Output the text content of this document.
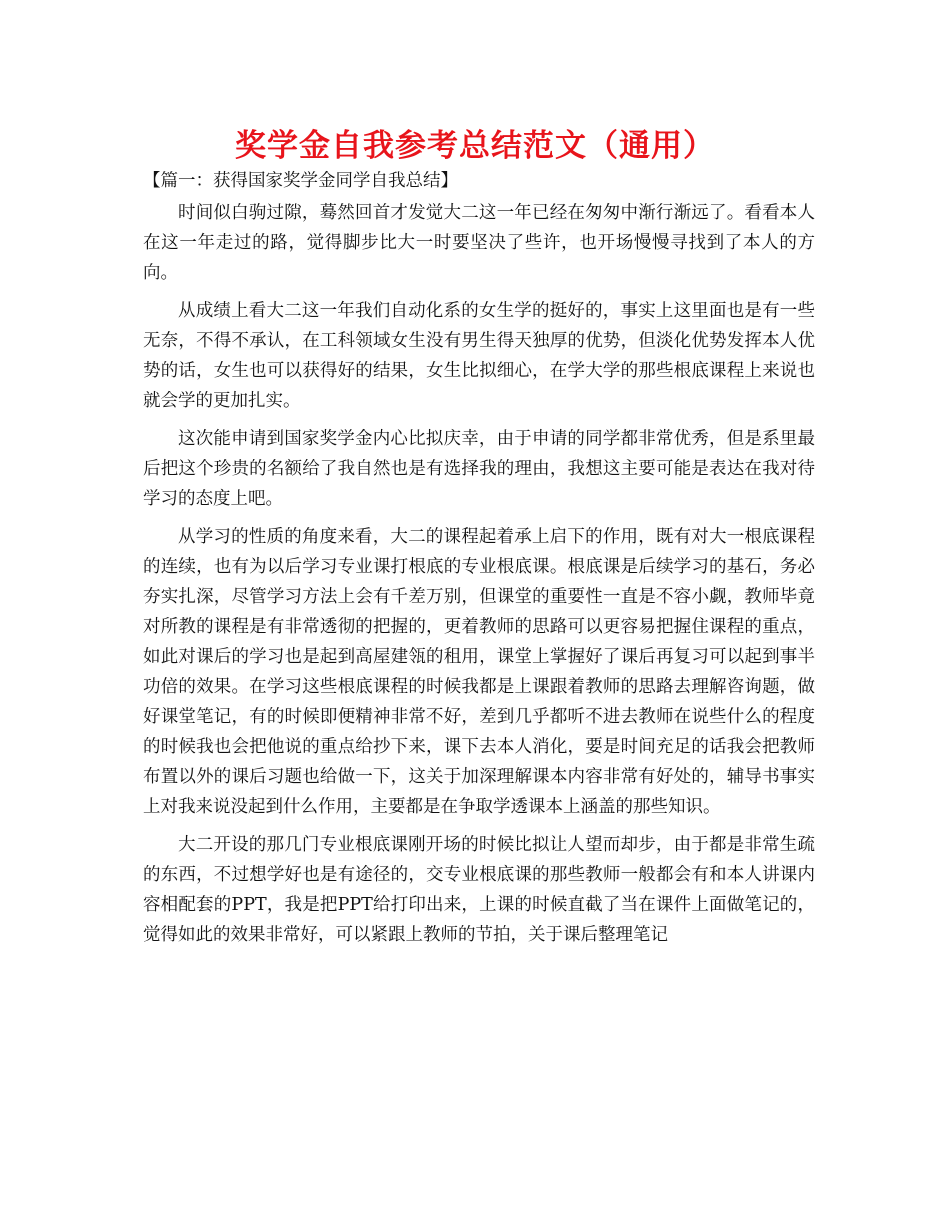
奖学金自我参考总结范文（通用）
【篇一：获得国家奖学金同学自我总结】

时间似白驹过隙，蓦然回首才发觉大二这一年已经在匆匆中渐行渐远了。看看本人在这一年走过的路，觉得脚步比大一时要坚决了些许，也开场慢慢寻找到了本人的方向。

从成绩上看大二这一年我们自动化系的女生学的挺好的，事实上这里面也是有一些无奈，不得不承认，在工科领域女生没有男生得天独厚的优势，但淡化优势发挥本人优势的话，女生也可以获得好的结果，女生比拟细心，在学大学的那些根底课程上来说也就会学的更加扎实。

这次能申请到国家奖学金内心比拟庆幸，由于申请的同学都非常优秀，但是系里最后把这个珍贵的名额给了我自然也是有选择我的理由，我想这主要可能是表达在我对待学习的态度上吧。

从学习的性质的角度来看，大二的课程起着承上启下的作用，既有对大一根底课程的连续，也有为以后学习专业课打根底的专业根底课。根底课是后续学习的基石，务必夯实扎深，尽管学习方法上会有千差万别，但课堂的重要性一直是不容小觑，教师毕竟对所教的课程是有非常透彻的把握的，更着教师的思路可以更容易把握住课程的重点，如此对课后的学习也是起到高屋建瓴的租用，课堂上掌握好了课后再复习可以起到事半功倍的效果。在学习这些根底课程的时候我都是上课跟着教师的思路去理解咨询题，做好课堂笔记，有的时候即便精神非常不好，差到几乎都听不进去教师在说些什么的程度的时候我也会把他说的重点给抄下来，课下去本人消化，要是时间充足的话我会把教师布置以外的课后习题也给做一下，这关于加深理解课本内容非常有好处的，辅导书事实上对我来说没起到什么作用，主要都是在争取学透课本上涵盖的那些知识。

大二开设的那几门专业根底课刚开场的时候比拟让人望而却步，由于都是非常生疏的东西，不过想学好也是有途径的，交专业根底课的那些教师一般都会有和本人讲课内容相配套的PPT，我是把PPT给打印出来，上课的时候直截了当在课件上面做笔记的，觉得如此的效果非常好，可以紧跟上教师的节拍，关于课后整理笔记
